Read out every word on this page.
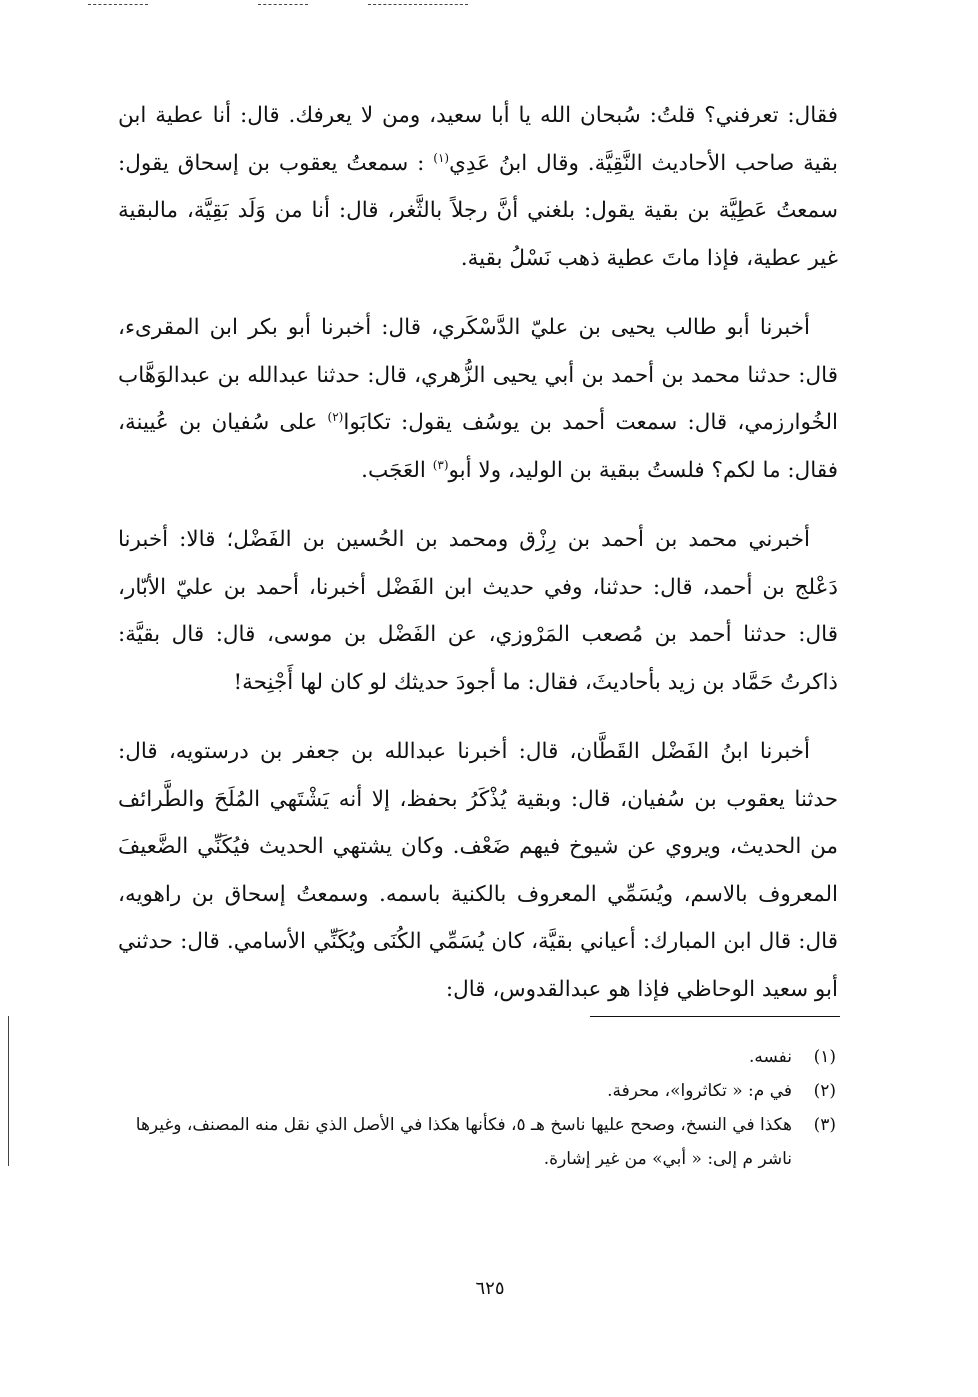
فقال: تعرفني؟ قلتُ: سُبحان الله يا أبا سعيد، ومن لا يعرفك. قال: أنا عطية ابن بقية صاحب الأحاديث النَّقِيَّة. وقال ابنُ عَدِي$^{(١)}$ : سمعتُ يعقوب بن إسحاق يقول: سمعتُ عَطِيَّة بن بقية يقول: بلغني أنَّ رجلاً بالثَّغر، قال: أنا من وَلَد بَقِيَّة، مالبقية غير عطية، فإذا ماتَ عطية ذهب نَسْلُ بقية.

أخبرنا أبو طالب يحيى بن عليّ الدَّسْكَري، قال: أخبرنا أبو بكر ابن المقرىء، قال: حدثنا محمد بن أحمد بن أبي يحيى الزُّهري، قال: حدثنا عبدالله بن عبدالوَهَّاب الخُوارزمي، قال: سمعت أحمد بن يوسُف يقول: تكابَوا$^{(٢)}$ على سُفيان بن عُيينة، فقال: ما لكم؟ فلستُ ببقية بن الوليد، ولا أبو$^{(٣)}$ العَجَب.

أخبرني محمد بن أحمد بن رِزْق ومحمد بن الحُسين بن الفَضْل؛ قالا: أخبرنا دَعْلج بن أحمد، قال: حدثنا، وفي حديث ابن الفَضْل أخبرنا، أحمد بن عليّ الأبّار، قال: حدثنا أحمد بن مُصعب المَرْوزي، عن الفَضْل بن موسى، قال: قال بقيَّة: ذاكرتُ حَمَّاد بن زيد بأحاديثَ، فقال: ما أجودَ حديثك لو كان لها أَجْنِحة!

أخبرنا ابنُ الفَضْل القَطَّان، قال: أخبرنا عبدالله بن جعفر بن درستويه، قال: حدثنا يعقوب بن سُفيان، قال: وبقية يُذْكَرُ بحفظ، إلا أنه يَشْتَهي المُلَحَ والطَّرائف من الحديث، ويروي عن شيوخ فيهم ضَعْف. وكان يشتهي الحديث فيُكَنِّي الضَّعيفَ المعروف بالاسم، ويُسَمِّي المعروف بالكنية باسمه. وسمعتُ إسحاق بن راهويه، قال: قال ابن المبارك: أعياني بقيَّة، كان يُسَمِّي الكُنَى ويُكَنِّي الأسامي. قال: حدثني أبو سعيد الوحاظي فإذا هو عبدالقدوس، قال:

(١)
نفسه.
(٢)
في م: « تكاثروا»، محرفة.
(٣)
هكذا في النسخ، وصحح عليها ناسخ هـ ٥، فكأنها هكذا في الأصل الذي نقل منه المصنف، وغيرها ناشر م إلى: « أبي» من غير إشارة.
٦٢٥
